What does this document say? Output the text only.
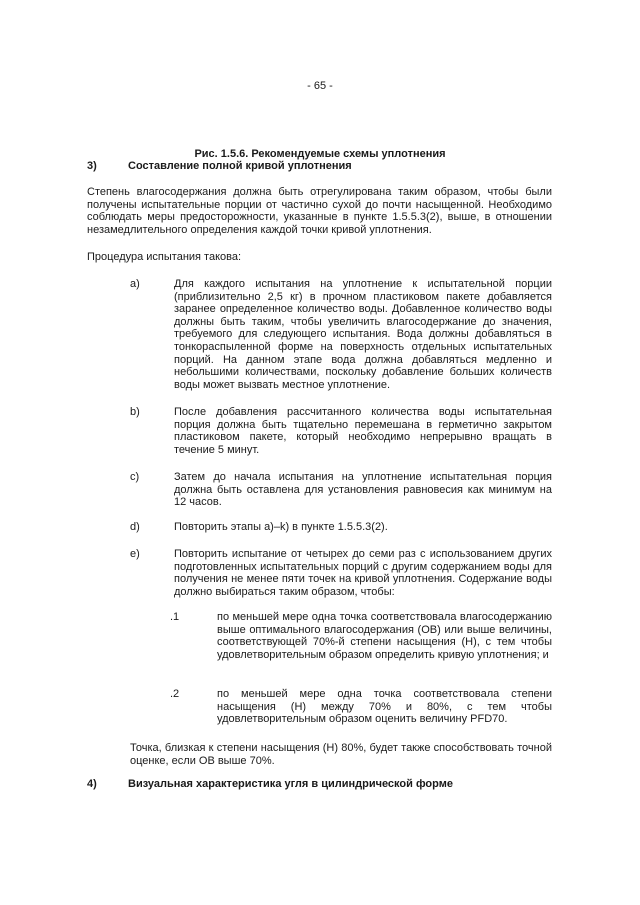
- 65 -
Рис. 1.5.6. Рекомендуемые схемы уплотнения
3)	Составление полной кривой уплотнения
Степень влагосодержания должна быть отрегулирована таким образом, чтобы были получены испытательные порции от частично сухой до почти насыщенной. Необходимо соблюдать меры предосторожности, указанные в пункте 1.5.5.3(2), выше, в отношении незамедлительного определения каждой точки кривой уплотнения.
Процедура испытания такова:
a)	Для каждого испытания на уплотнение к испытательной порции (приблизительно 2,5 кг) в прочном пластиковом пакете добавляется заранее определенное количество воды. Добавленное количество воды должны быть таким, чтобы увеличить влагосодержание до значения, требуемого для следующего испытания. Вода должны добавляться в тонкораспыленной форме на поверхность отдельных испытательных порций. На данном этапе вода должна добавляться медленно и небольшими количествами, поскольку добавление больших количеств воды может вызвать местное уплотнение.
b)	После добавления рассчитанного количества воды испытательная порция должна быть тщательно перемешана в герметично закрытом пластиковом пакете, который необходимо непрерывно вращать в течение 5 минут.
c)	Затем до начала испытания на уплотнение испытательная порция должна быть оставлена для установления равновесия как минимум на 12 часов.
d)	Повторить этапы a)–k) в пункте 1.5.5.3(2).
e)	Повторить испытание от четырех до семи раз с использованием других подготовленных испытательных порций с другим содержанием воды для получения не менее пяти точек на кривой уплотнения. Содержание воды должно выбираться таким образом, чтобы:
.1	по меньшей мере одна точка соответствовала влагосодержанию выше оптимального влагосодержания (ОВ) или выше величины, соответствующей 70%-й степени насыщения (Н), с тем чтобы удовлетворительным образом определить кривую уплотнения; и
.2	по меньшей мере одна точка соответствовала степени насыщения (Н) между 70% и 80%, с тем чтобы удовлетворительным образом оценить величину PFD70.
Точка, близкая к степени насыщения (Н) 80%, будет также способствовать точной оценке, если ОВ выше 70%.
4)	Визуальная характеристика угля в цилиндрической форме
